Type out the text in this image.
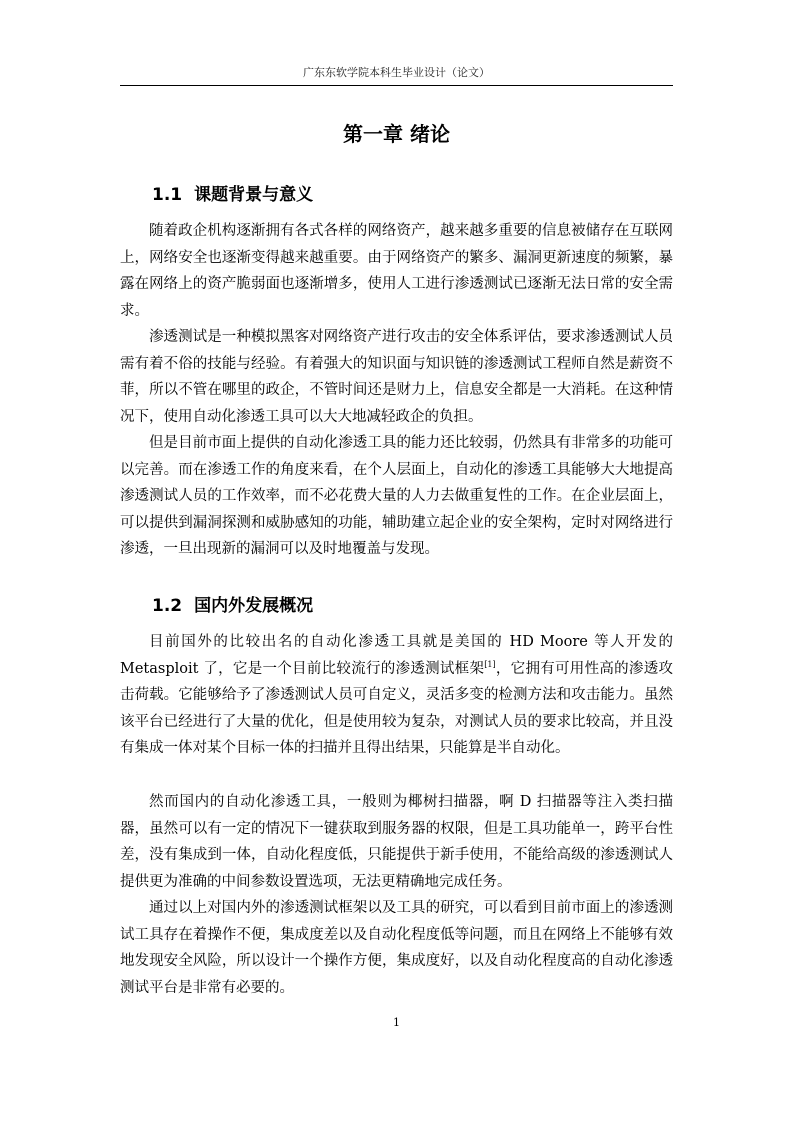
广东东软学院本科生毕业设计（论文）
第一章 绪论
1.1 课题背景与意义

随着政企机构逐渐拥有各式各样的网络资产，越来越多重要的信息被储存在互联网上，网络安全也逐渐变得越来越重要。由于网络资产的繁多、漏洞更新速度的频繁，暴露在网络上的资产脆弱面也逐渐增多，使用人工进行渗透测试已逐渐无法日常的安全需求。

渗透测试是一种模拟黑客对网络资产进行攻击的安全体系评估，要求渗透测试人员需有着不俗的技能与经验。有着强大的知识面与知识链的渗透测试工程师自然是薪资不菲，所以不管在哪里的政企，不管时间还是财力上，信息安全都是一大消耗。在这种情况下，使用自动化渗透工具可以大大地减轻政企的负担。

但是目前市面上提供的自动化渗透工具的能力还比较弱，仍然具有非常多的功能可以完善。而在渗透工作的角度来看，在个人层面上，自动化的渗透工具能够大大地提高渗透测试人员的工作效率，而不必花费大量的人力去做重复性的工作。在企业层面上，可以提供到漏洞探测和威胁感知的功能，辅助建立起企业的安全架构，定时对网络进行渗透，一旦出现新的漏洞可以及时地覆盖与发现。

1.2 国内外发展概况

目前国外的比较出名的自动化渗透工具就是美国的 HD Moore 等人开发的 Metasploit 了，它是一个目前比较流行的渗透测试框架[1]，它拥有可用性高的渗透攻击荷载。它能够给予了渗透测试人员可自定义，灵活多变的检测方法和攻击能力。虽然该平台已经进行了大量的优化，但是使用较为复杂，对测试人员的要求比较高，并且没有集成一体对某个目标一体的扫描并且得出结果，只能算是半自动化。

然而国内的自动化渗透工具，一般则为椰树扫描器，啊 D 扫描器等注入类扫描器，虽然可以有一定的情况下一键获取到服务器的权限，但是工具功能单一，跨平台性差，没有集成到一体，自动化程度低，只能提供于新手使用，不能给高级的渗透测试人提供更为准确的中间参数设置选项，无法更精确地完成任务。

通过以上对国内外的渗透测试框架以及工具的研究，可以看到目前市面上的渗透测试工具存在着操作不便，集成度差以及自动化程度低等问题，而且在网络上不能够有效地发现安全风险，所以设计一个操作方便，集成度好，以及自动化程度高的自动化渗透测试平台是非常有必要的。

1
